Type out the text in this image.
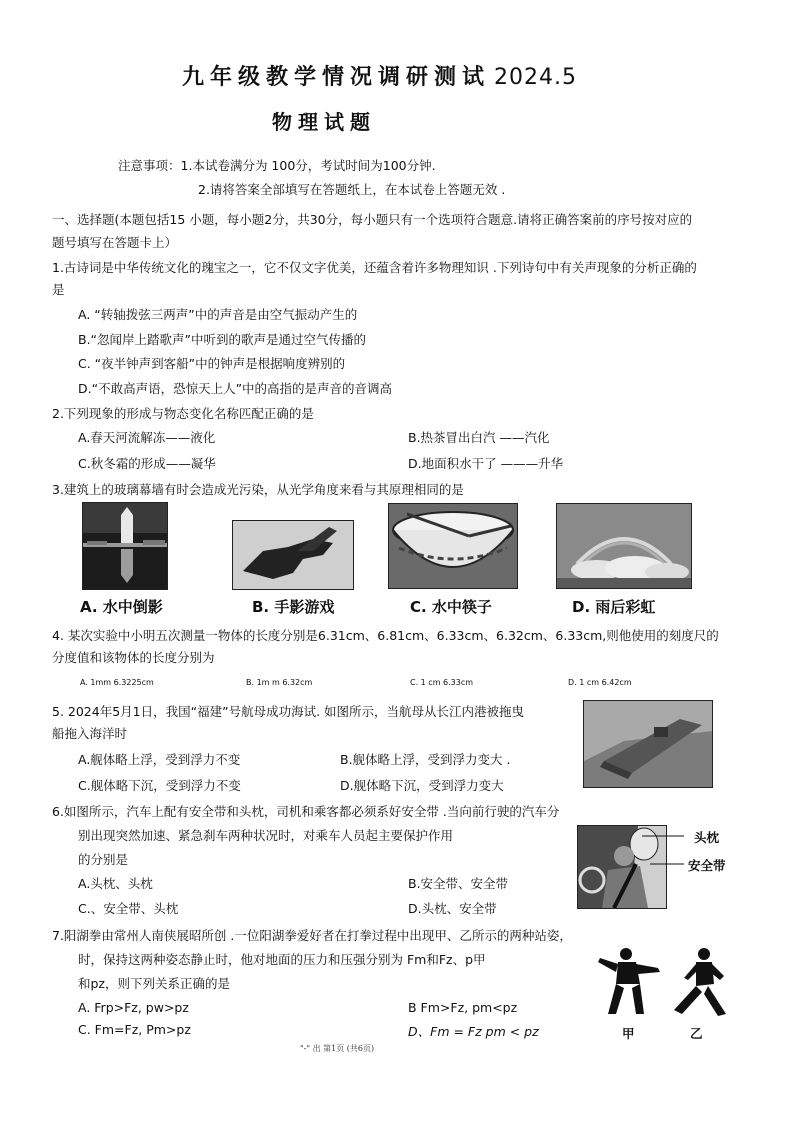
九年级教学情况调研测试 2024.5
物理试题
注意事项：1.本试卷满分为 100分，考试时间为100分钟.
2.请将答案全部填写在答题纸上，在本试卷上答题无效 .
一、选择题(本题包括15 小题，每小题2分，共30分，每小题只有一个选项符合题意.请将正确答案前的序号按对应的
题号填写在答题卡上）
1.古诗词是中华传统文化的瑰宝之一，它不仅文字优美，还蕴含着许多物理知识 .下列诗句中有关声现象的分析正确的
是
A. “转轴拨弦三两声”中的声音是由空气振动产生的
B.“忽闻岸上踏歌声”中听到的歌声是通过空气传播的
C. “夜半钟声到客船”中的钟声是根据响度辨别的
D.“不敢高声语，恐惊天上人”中的高指的是声音的音调高
2.下列现象的形成与物态变化名称匹配正确的是
A.春天河流解冻——液化	B.热茶冒出白汽 ——汽化
C.秋冬霜的形成——凝华	D.地面积水干了 ———升华
3.建筑上的玻璃幕墙有时会造成光污染，从光学角度来看与其原理相同的是
A. 水中倒影	B. 手影游戏	C. 水中筷子	D. 雨后彩虹
4. 某次实验中小明五次测量一物体的长度分别是6.31cm、6.81cm、6.33cm、6.32cm、6.33cm,则他使用的刻度尺的
分度值和该物体的长度分别为
A. 1mm 6.3225cm	B. 1m m 6.32cm	C. 1 cm 6.33cm	D. 1 cm 6.42cm
5. 2024年5月1日，我国“福建”号航母成功海试. 如图所示，当航母从长江内港被拖曳
船拖入海洋时
A.舰体略上浮，受到浮力不变	B.舰体略上浮，受到浮力变大 .
C.舰体略下沉，受到浮力不变	D.舰体略下沉，受到浮力变大
6.如图所示，汽车上配有安全带和头枕，司机和乘客都必须系好安全带 .当向前行驶的汽车分
别出现突然加速、紧急刹车两种状况时，对乘车人员起主要保护作用
的分别是
A.头枕、头枕	B.安全带、安全带
C.、安全带、头枕	D.头枕、安全带
头枕
安全带
7.阳湖拳由常州人南侠展昭所创 .一位阳湖拳爱好者在打拳过程中出现甲、乙所示的两种站姿，
时，保持这两种姿态静止时，他对地面的压力和压强分别为 Fm和Fz、p甲
和pz，则下列关系正确的是
A. Frp>Fz, pw>pz	B Fm>Fz, pm<pz
C. Fm=Fz, Pm>pz	D、Fm = Fz pm < pz	甲	乙
"-" 出 第1页 (共6页)
